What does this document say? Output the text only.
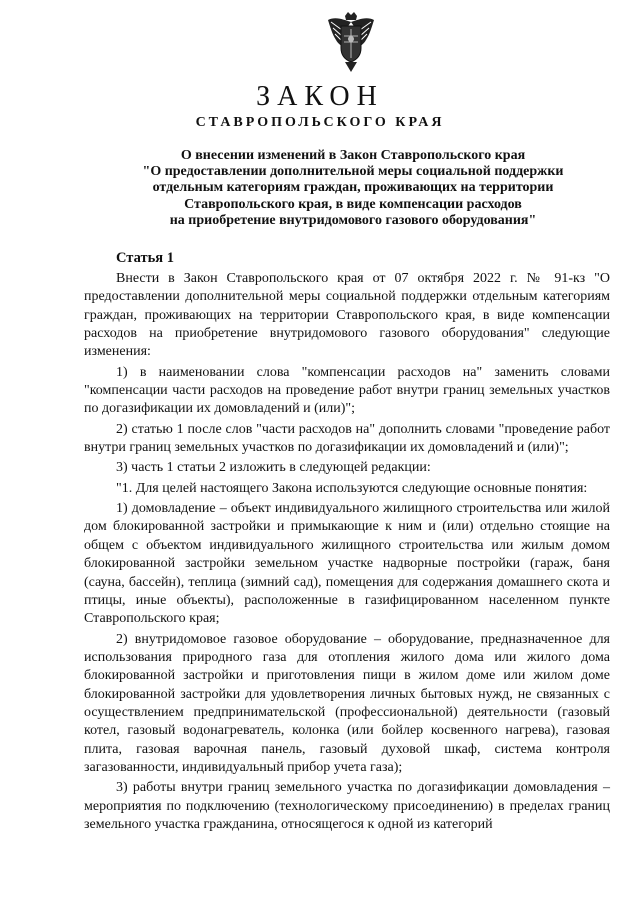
ЗАКОН
СТАВРОПОЛЬСКОГО КРАЯ
О внесении изменений в Закон Ставропольского края
"О предоставлении дополнительной меры социальной поддержки
отдельным категориям граждан, проживающих на территории
Ставропольского края, в виде компенсации расходов
на приобретение внутридомового газового оборудования"
Статья 1

Внести в Закон Ставропольского края от 07 октября 2022 г. № 91-кз "О предоставлении дополнительной меры социальной поддержки отдельным категориям граждан, проживающих на территории Ставропольского края, в виде компенсации расходов на приобретение внутридомового газового оборудования" следующие изменения:

1) в наименовании слова "компенсации расходов на" заменить словами "компенсации части расходов на проведение работ внутри границ земельных участков по догазификации их домовладений и (или)";

2) статью 1 после слов "части расходов на" дополнить словами "проведение работ внутри границ земельных участков по догазификации их домовладений и (или)";

3) часть 1 статьи 2 изложить в следующей редакции:

"1. Для целей настоящего Закона используются следующие основные понятия:

1) домовладение – объект индивидуального жилищного строительства или жилой дом блокированной застройки и примыкающие к ним и (или) отдельно стоящие на общем с объектом индивидуального жилищного строительства или жилым домом блокированной застройки земельном участке надворные постройки (гараж, баня (сауна, бассейн), теплица (зимний сад), помещения для содержания домашнего скота и птицы, иные объекты), расположенные в газифицированном населенном пункте Ставропольского края;

2) внутридомовое газовое оборудование – оборудование, предназначенное для использования природного газа для отопления жилого дома или жилого дома блокированной застройки и приготовления пищи в жилом доме или жилом доме блокированной застройки для удовлетворения личных бытовых нужд, не связанных с осуществлением предпринимательской (профессиональной) деятельности (газовый котел, газовый водонагреватель, колонка (или бойлер косвенного нагрева), газовая плита, газовая варочная панель, газовый духовой шкаф, система контроля загазованности, индивидуальный прибор учета газа);

3) работы внутри границ земельного участка по догазификации домовладения – мероприятия по подключению (технологическому присоединению) в пределах границ земельного участка гражданина, относящегося к одной из категорий
